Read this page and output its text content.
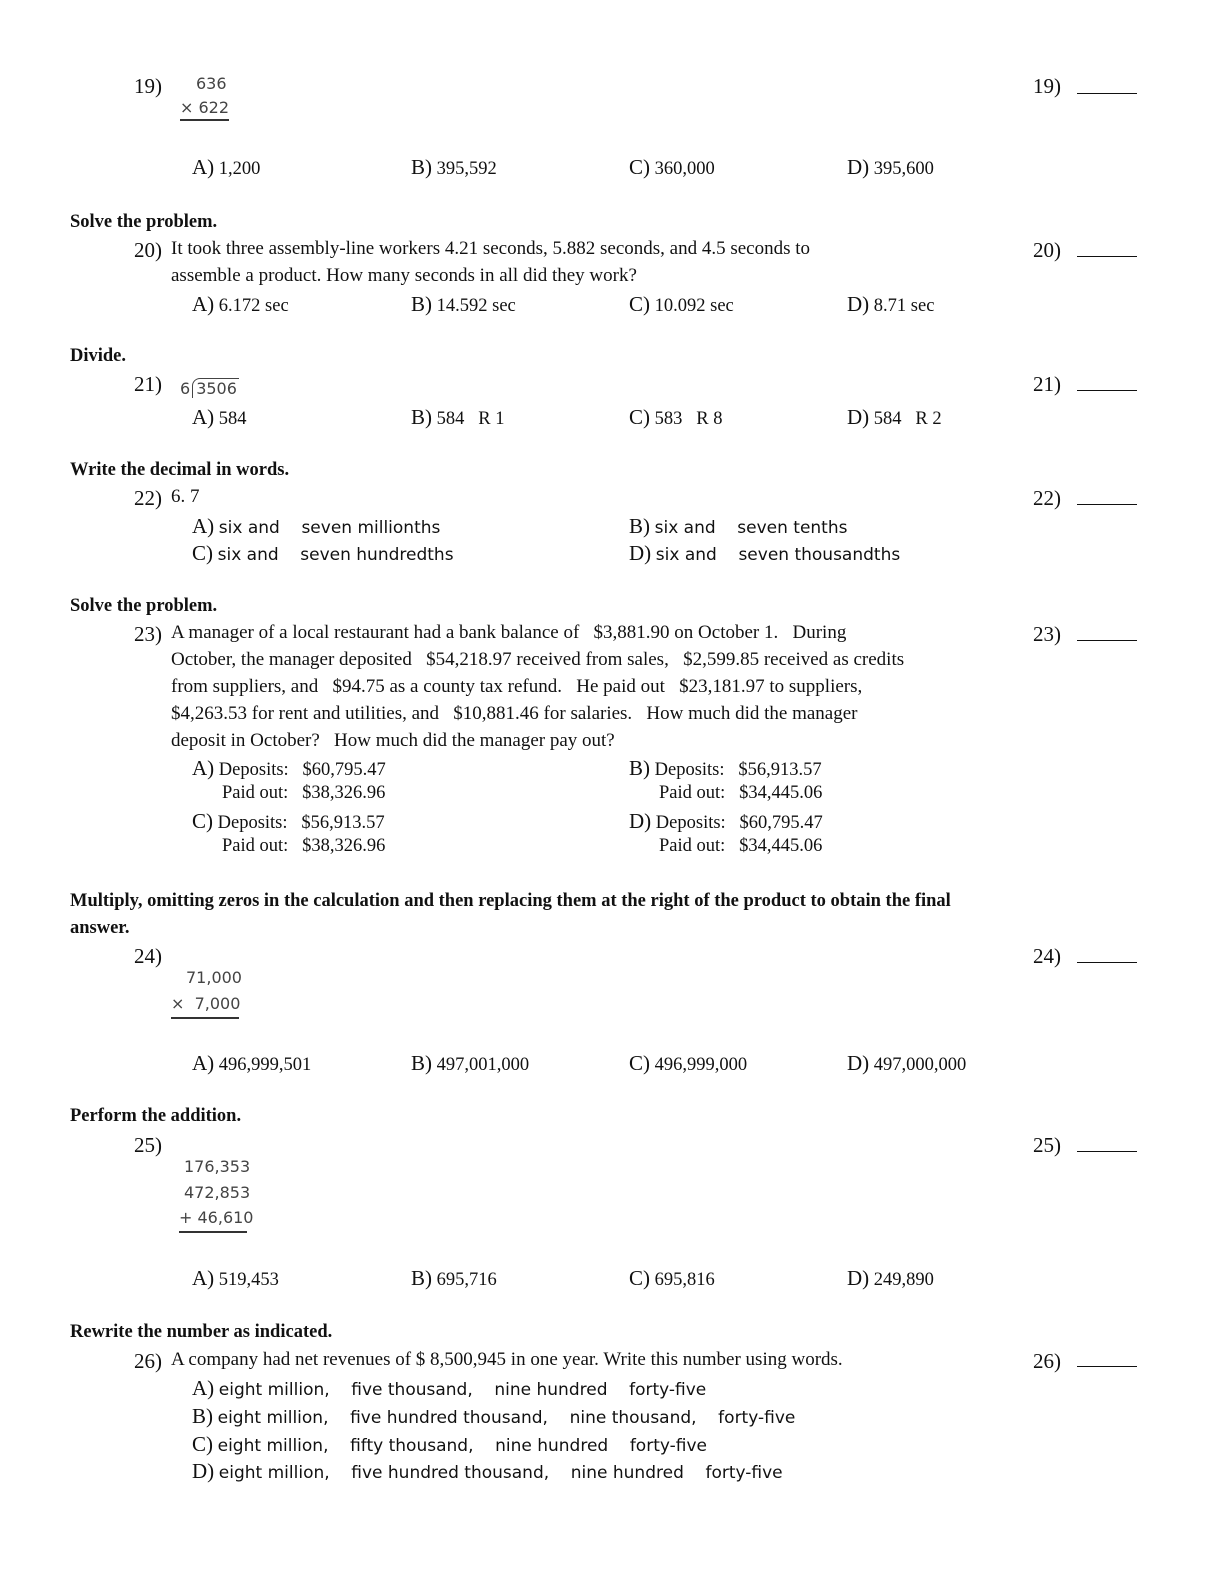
19) 636
× 622
19)
A) 1,200	B) 395,592	C) 360,000	D) 395,600
Solve the problem.
20) It took three assembly-line workers 4.21 seconds, 5.882 seconds, and 4.5 seconds to
assemble a product. How many seconds in all did they work?
20)
A) 6.172 sec	B) 14.592 sec	C) 10.092 sec	D) 8.71 sec
Divide.
21) 6 3506	21)
A) 584	B) 584   R 1	C) 583   R 8	D) 584   R 2
Write the decimal in words.
22) 6. 7	22)
A) six and    seven millionths	B) six and    seven tenths
C) six and    seven hundredths	D) six and    seven thousandths
Solve the problem.
23) A manager of a local restaurant had a bank balance of   $3,881.90 on October 1.   During
October, the manager deposited   $54,218.97 received from sales,   $2,599.85 received as credits
from suppliers, and   $94.75 as a county tax refund.   He paid out   $23,181.97 to suppliers,
$4,263.53 for rent and utilities, and   $10,881.46 for salaries.   How much did the manager
deposit in October?   How much did the manager pay out?
23)
A) Deposits:   $60,795.47
Paid out:   $38,326.96
B) Deposits:   $56,913.57
Paid out:   $34,445.06
C) Deposits:   $56,913.57
Paid out:   $38,326.96
D) Deposits:   $60,795.47
Paid out:   $34,445.06
Multiply, omitting zeros in the calculation and then replacing them at the right of the product to obtain the final
answer.
24)
71,000
×  7,000
24)
A) 496,999,501	B) 497,001,000	C) 496,999,000	D) 497,000,000
Perform the addition.
25)
176,353
472,853
+ 46,610
25)
A) 519,453	B) 695,716	C) 695,816	D) 249,890
Rewrite the number as indicated.
26) A company had net revenues of $ 8,500,945 in one year. Write this number using words.	26)
A) eight million,    five thousand,    nine hundred    forty-five
B) eight million,    five hundred thousand,    nine thousand,    forty-five
C) eight million,    fifty thousand,    nine hundred    forty-five
D) eight million,    five hundred thousand,    nine hundred    forty-five
